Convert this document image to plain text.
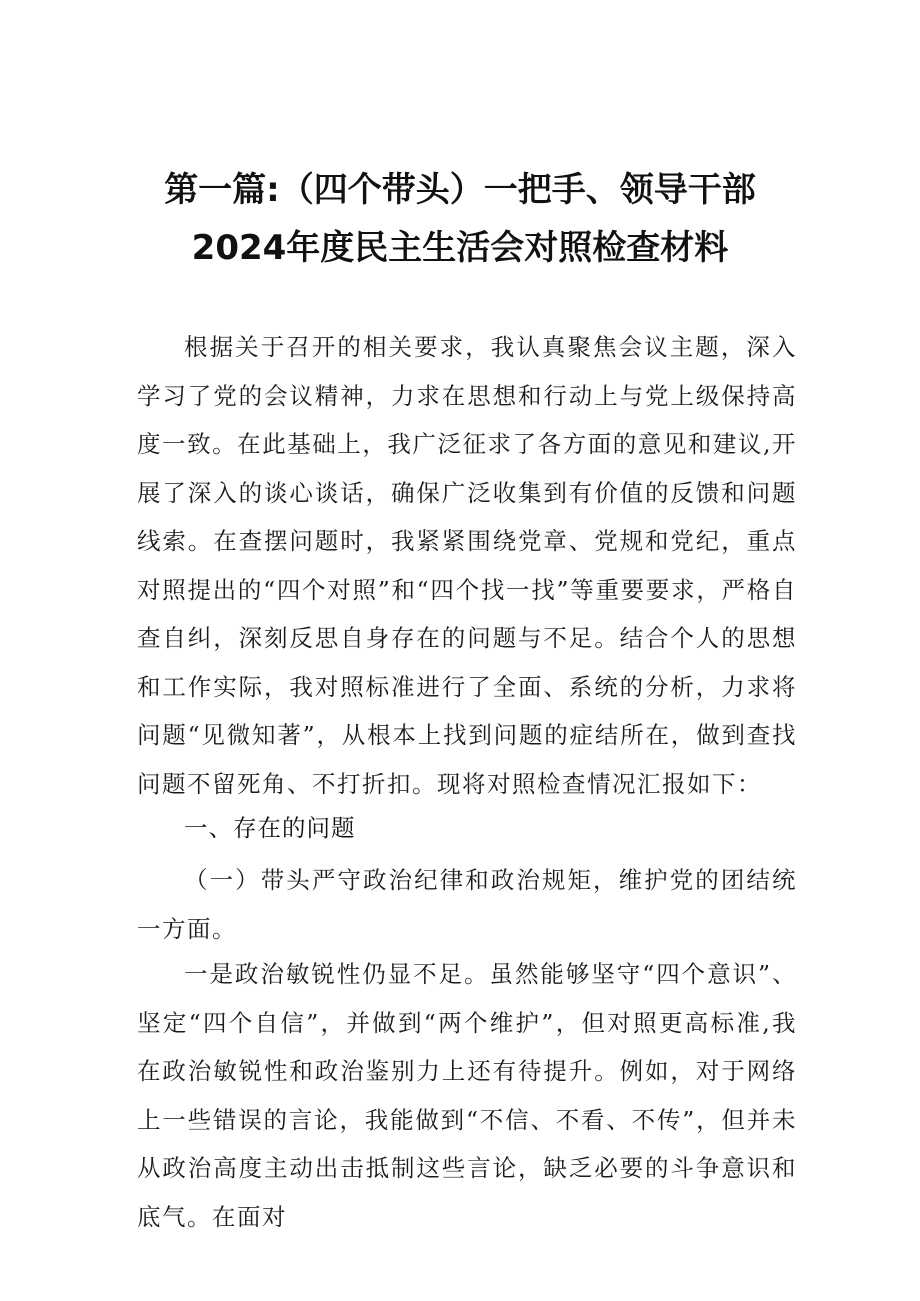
第一篇:（四个带头）一把手、领导干部
2024年度民主生活会对照检查材料
根据关于召开的相关要求，我认真聚焦会议主题，深入学习了党的会议精神，力求在思想和行动上与党上级保持高度一致。在此基础上，我广泛征求了各方面的意见和建议,开展了深入的谈心谈话，确保广泛收集到有价值的反馈和问题线索。在查摆问题时，我紧紧围绕党章、党规和党纪，重点对照提出的“四个对照”和“四个找一找”等重要要求，严格自查自纠，深刻反思自身存在的问题与不足。结合个人的思想和工作实际，我对照标准进行了全面、系统的分析，力求将问题“见微知著”，从根本上找到问题的症结所在，做到查找问题不留死角、不打折扣。现将对照检查情况汇报如下：
一、存在的问题
（一）带头严守政治纪律和政治规矩，维护党的团结统一方面。
一是政治敏锐性仍显不足。虽然能够坚守“四个意识”、坚定“四个自信”，并做到“两个维护”，但对照更高标准,我在政治敏锐性和政治鉴别力上还有待提升。例如，对于网络上一些错误的言论，我能做到“不信、不看、不传”，但并未从政治高度主动出击抵制这些言论，缺乏必要的斗争意识和底气。在面对
